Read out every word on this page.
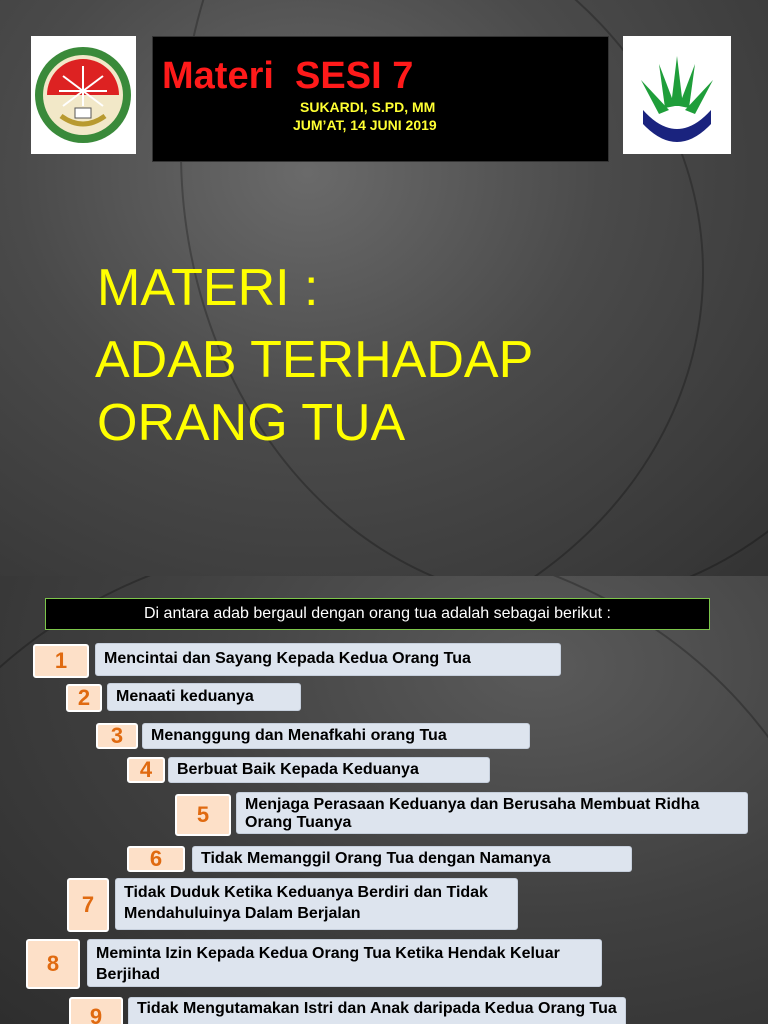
Materi  SESI 7
SUKARDI, S.PD, MM
JUM’AT, 14 JUNI 2019
MATERI :
ADAB TERHADAP
ORANG TUA
Di antara adab bergaul dengan orang tua adalah sebagai berikut :
1	Mencintai dan Sayang Kepada Kedua Orang Tua
2	Menaati keduanya
3	Menanggung dan Menafkahi orang Tua
4	Berbuat Baik Kepada Keduanya
5	Menjaga Perasaan Keduanya dan Berusaha Membuat Ridha Orang Tuanya
6	Tidak Memanggil Orang Tua dengan Namanya
7	Tidak Duduk Ketika Keduanya Berdiri dan Tidak Mendahuluinya Dalam Berjalan
8	Meminta Izin Kepada Kedua Orang Tua Ketika Hendak Keluar Berjihad
9	Tidak Mengutamakan Istri dan Anak daripada Kedua Orang Tua
